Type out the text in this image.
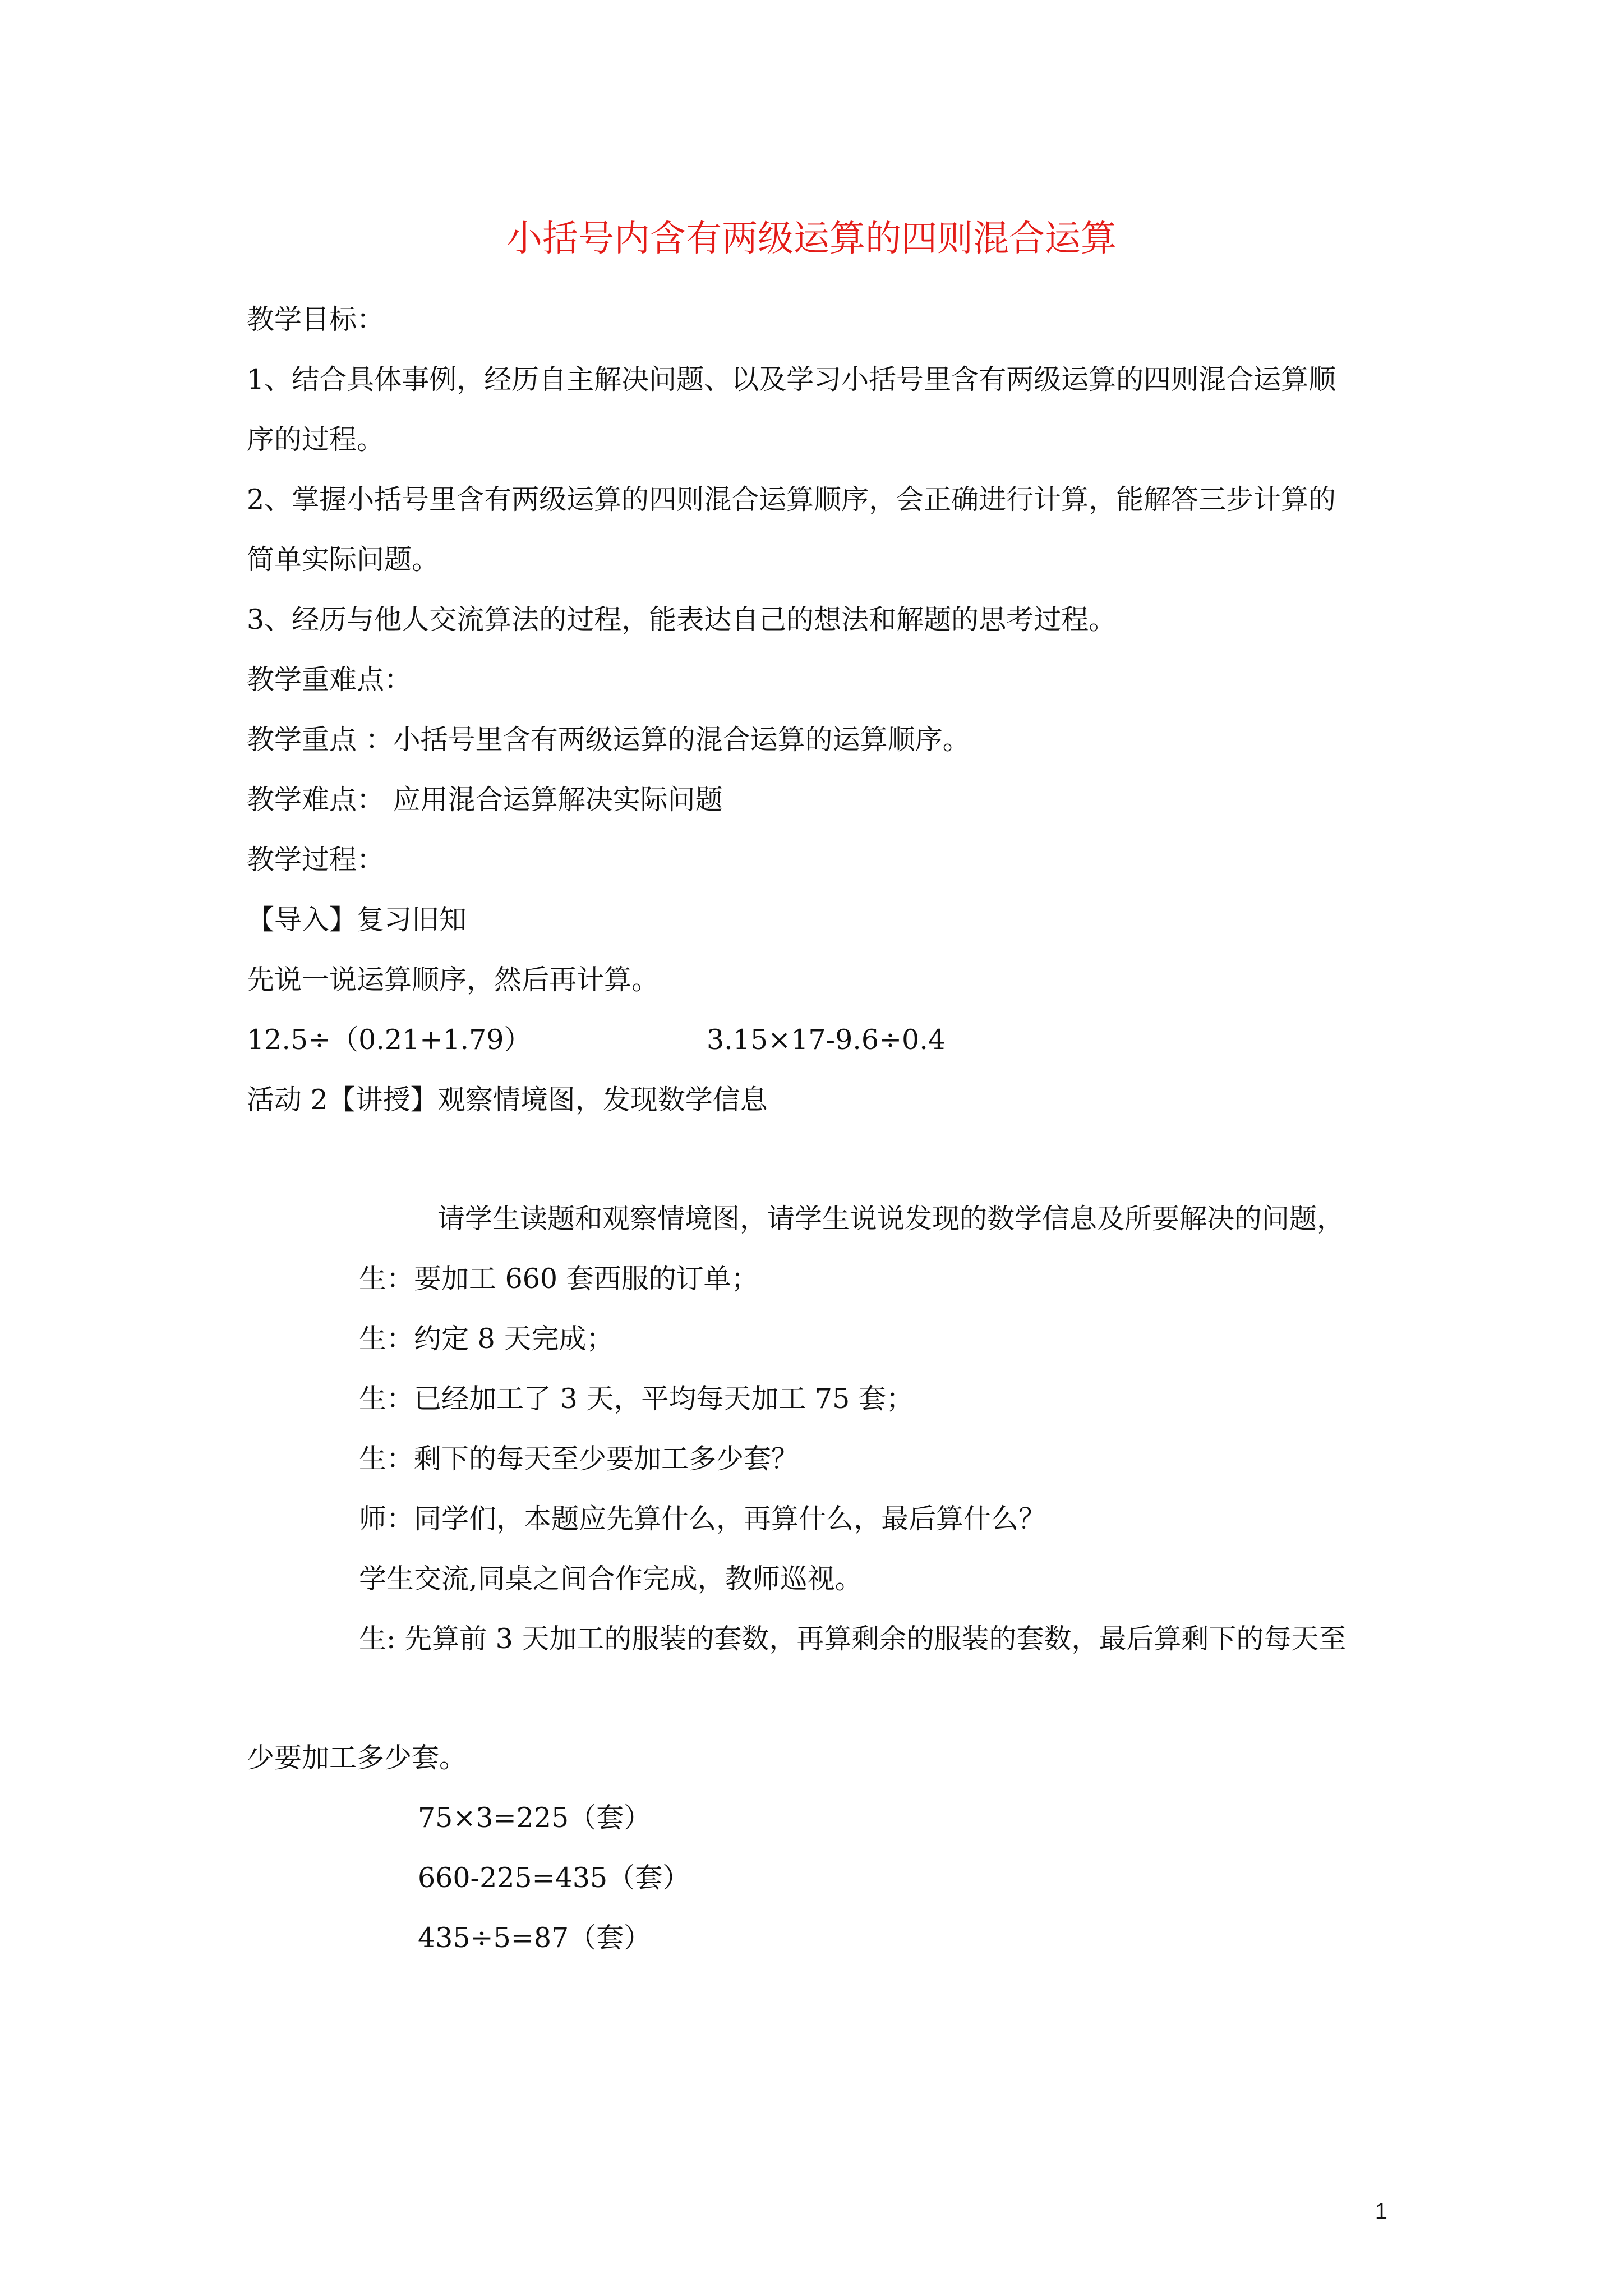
小括号内含有两级运算的四则混合运算
教学目标：
1、结合具体事例，经历自主解决问题、以及学习小括号里含有两级运算的四则混合运算顺
序的过程。
2、掌握小括号里含有两级运算的四则混合运算顺序，会正确进行计算，能解答三步计算的
简单实际问题。
3、经历与他人交流算法的过程，能表达自己的想法和解题的思考过程。
教学重难点：
教学重点 ：小括号里含有两级运算的混合运算的运算顺序。
教学难点： 应用混合运算解决实际问题
教学过程：
【导入】复习旧知
先说一说运算顺序，然后再计算。
12.5÷（0.21+1.79）	3.15×17-9.6÷0.4
活动 2【讲授】观察情境图，发现数学信息
请学生读题和观察情境图，请学生说说发现的数学信息及所要解决的问题，
生：要加工 660 套西服的订单；
生：约定 8 天完成；
生：已经加工了 3 天，平均每天加工 75 套；
生：剩下的每天至少要加工多少套？
师：同学们，本题应先算什么，再算什么，最后算什么？
学生交流,同桌之间合作完成，教师巡视。
生: 先算前 3 天加工的服装的套数，再算剩余的服装的套数，最后算剩下的每天至
少要加工多少套。
75×3=225（套）
660-225=435（套）
435÷5=87（套）
1
